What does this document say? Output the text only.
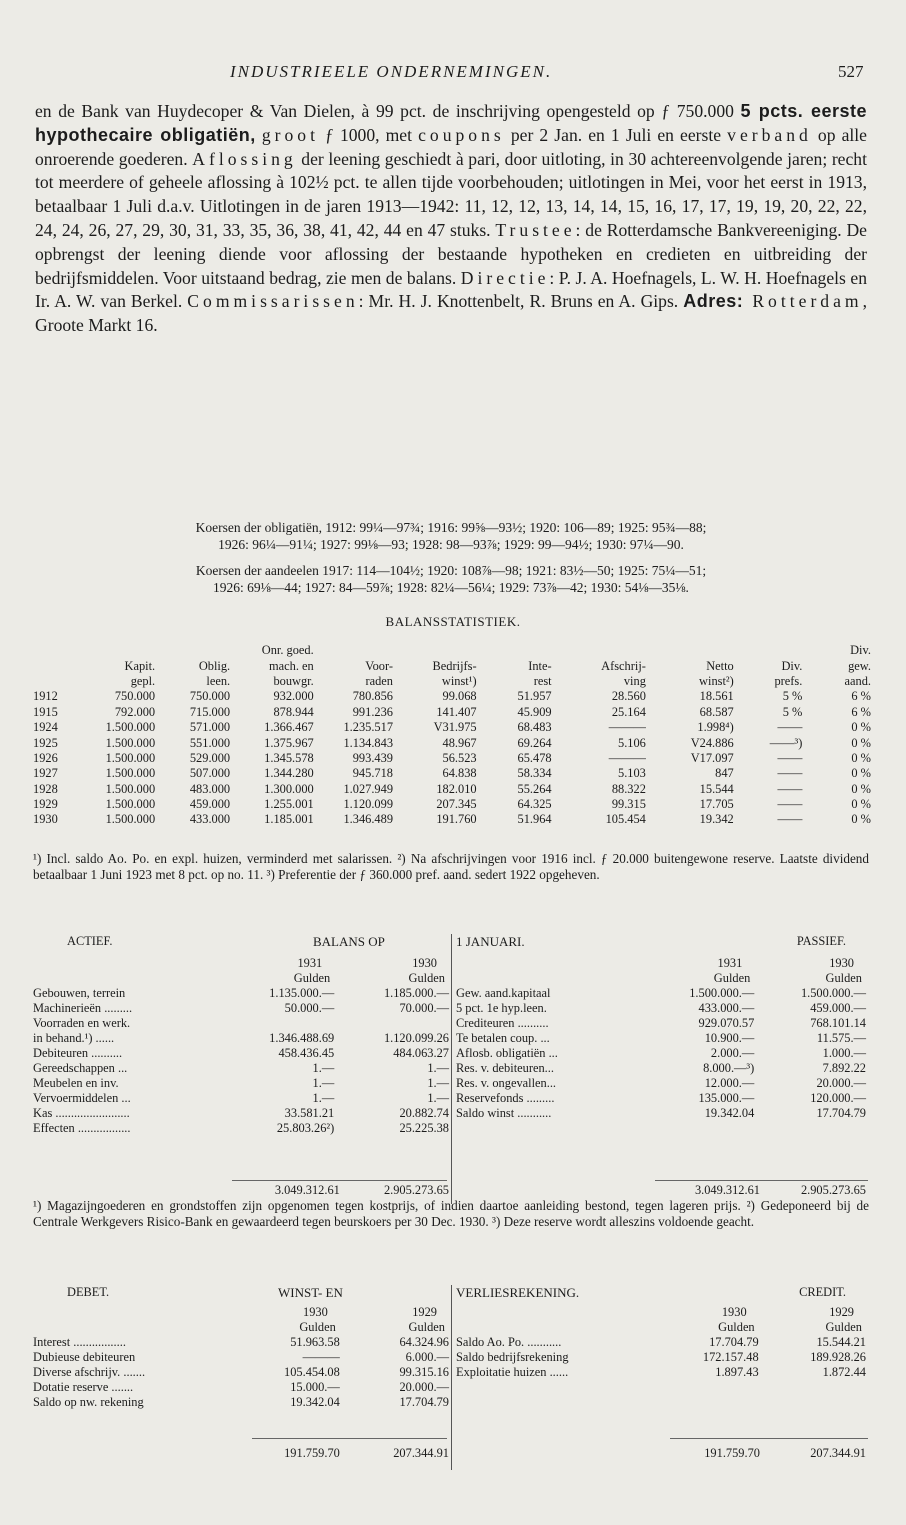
INDUSTRIEELE ONDERNEMINGEN.	527

en de Bank van Huydecoper & Van Dielen, à 99 pct. de inschrijving opengesteld op ƒ 750.000 5 pcts. eerste hypothecaire obligatiën, groot ƒ 1000, met coupons per 2 Jan. en 1 Juli en eerste verband op alle onroerende goederen. Aflossing der leening geschiedt à pari, door uitloting, in 30 achtereenvolgende jaren; recht tot meerdere of geheele aflossing à 102½ pct. te allen tijde voorbehouden; uitlotingen in Mei, voor het eerst in 1913, betaalbaar 1 Juli d.a.v. Uitlotingen in de jaren 1913—1942: 11, 12, 12, 13, 14, 14, 15, 16, 17, 17, 19, 19, 20, 22, 22, 24, 24, 26, 27, 29, 30, 31, 33, 35, 36, 38, 41, 42, 44 en 47 stuks. Trustee: de Rotterdamsche Bankvereeniging. De opbrengst der leening diende voor aflossing der bestaande hypotheken en credieten en uitbreiding der bedrijfsmiddelen. Voor uitstaand bedrag, zie men de balans. Directie: P. J. A. Hoefnagels, L. W. H. Hoefnagels en Ir. A. W. van Berkel. Commissarissen: Mr. H. J. Knottenbelt, R. Bruns en A. Gips. Adres: Rotterdam, Groote Markt 16.

Koersen der obligatiën, 1912: 99¼—97¾; 1916: 99⅝—93½; 1920: 106—89; 1925: 95¾—88;
1926: 96¼—91¼; 1927: 99⅛—93; 1928: 98—93⅞; 1929: 99—94½; 1930: 97¼—90.
Koersen der aandeelen 1917: 114—104½; 1920: 108⅞—98; 1921: 83½—50; 1925: 75¼—51;
1926: 69⅛—44; 1927: 84—59⅞; 1928: 82¼—56¼; 1929: 73⅞—42; 1930: 54⅛—35⅛.
BALANSSTATISTIEK.
			Onr. goed.							Div.
	Kapit.	Oblig.	mach. en	Voor-	Bedrijfs-	Inte-	Afschrij-	Netto	Div.	gew.
	gepl.	leen.	bouwgr.	raden	winst¹)	rest	ving	winst²)	prefs.	aand.
1912	750.000	750.000	932.000	780.856	99.068	51.957	28.560	18.561	5 %	6 %
1915	792.000	715.000	878.944	991.236	141.407	45.909	25.164	68.587	5 %	6 %
1924	1.500.000	571.000	1.366.467	1.235.517	V31.975	68.483	———	1.998⁴)	——	0 %
1925	1.500.000	551.000	1.375.967	1.134.843	48.967	69.264	5.106	V24.886	——³)	0 %
1926	1.500.000	529.000	1.345.578	993.439	56.523	65.478	———	V17.097	——	0 %
1927	1.500.000	507.000	1.344.280	945.718	64.838	58.334	5.103	847	——	0 %
1928	1.500.000	483.000	1.300.000	1.027.949	182.010	55.264	88.322	15.544	——	0 %
1929	1.500.000	459.000	1.255.001	1.120.099	207.345	64.325	99.315	17.705	——	0 %
1930	1.500.000	433.000	1.185.001	1.346.489	191.760	51.964	105.454	19.342	——	0 %
¹) Incl. saldo Ao. Po. en expl. huizen, verminderd met salarissen. ²) Na afschrijvingen voor 1916 incl. ƒ 20.000 buitengewone reserve. Laatste dividend betaalbaar 1 Juni 1923 met 8 pct. op no. 11. ³) Preferentie der ƒ 360.000 pref. aand. sedert 1922 opgeheven.
ACTIEF.	BALANS OP	1 JANUARI.	PASSIEF.
	1931	1930
	Gulden	Gulden
Gebouwen, terrein	1.135.000.—	1.185.000.—
Machinerieën .........	50.000.—	70.000.—
Voorraden en werk.		
in behand.¹) ......	1.346.488.69	1.120.099.26
Debiteuren ..........	458.436.45	484.063.27
Gereedschappen ...	1.—	1.—
Meubelen en inv.	1.—	1.—
Vervoermiddelen ...	1.—	1.—
Kas ........................	33.581.21	20.882.74
Effecten .................	25.803.26²)	25.225.38
	1931	1930
	Gulden	Gulden
Gew. aand.kapitaal	1.500.000.—	1.500.000.—
5 pct. 1e hyp.leen.	433.000.—	459.000.—
Crediteuren ..........	929.070.57	768.101.14
Te betalen coup. ...	10.900.—	11.575.—
Aflosb. obligatiën ...	2.000.—	1.000.—
Res. v. debiteuren...	8.000.—³)	7.892.22
Res. v. ongevallen...	12.000.—	20.000.—
Reservefonds .........	135.000.—	120.000.—
Saldo winst ...........	19.342.04	17.704.79
	3.049.312.61	2.905.273.65
		3.049.312.61	2.905.273.65
¹) Magazijngoederen en grondstoffen zijn opgenomen tegen kostprijs, of indien daartoe aanleiding bestond, tegen lageren prijs. ²) Gedeponeerd bij de Centrale Werkgevers Risico-Bank en gewaardeerd tegen beurskoers per 30 Dec. 1930. ³) Deze reserve wordt alleszins voldoende geacht.
DEBET.	WINST- EN	VERLIESREKENING.	CREDIT.
	1930	1929
	Gulden	Gulden
Interest .................	51.963.58	64.324.96
Dubieuse debiteuren	———	6.000.—
Diverse afschrijv. .......	105.454.08	99.315.16
Dotatie reserve .......	15.000.—	20.000.—
Saldo op nw. rekening	19.342.04	17.704.79
	1930	1929
	Gulden	Gulden
Saldo Ao. Po. ...........	17.704.79	15.544.21
Saldo bedrijfsrekening	172.157.48	189.928.26
Exploitatie huizen ......	1.897.43	1.872.44
	191.759.70	207.344.91
		191.759.70	207.344.91
